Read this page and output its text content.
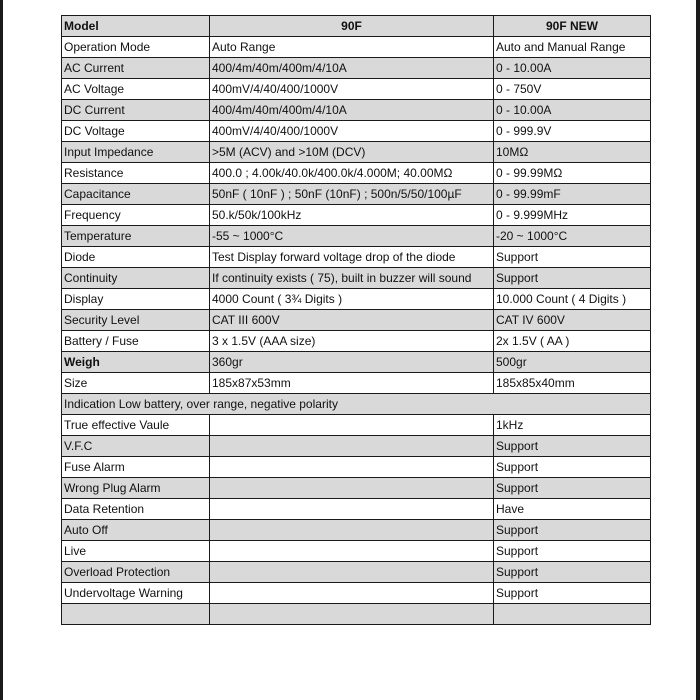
Model	90F	90F NEW
Operation Mode	Auto Range	Auto and Manual Range
AC Current	400/4m/40m/400m/4/10A	0 - 10.00A
AC Voltage	400mV/4/40/400/1000V	0 - 750V
DC Current	400/4m/40m/400m/4/10A	0 - 10.00A
DC Voltage	400mV/4/40/400/1000V	0 - 999.9V
Input Impedance	>5M (ACV) and >10M (DCV)	10MΩ
Resistance	400.0 ; 4.00k/40.0k/400.0k/4.000M; 40.00MΩ	0 - 99.99MΩ
Capacitance	50nF ( 10nF ) ; 50nF (10nF) ; 500n/5/50/100µF	0 - 99.99mF
Frequency	50.k/50k/100kHz	0 - 9.999MHz
Temperature	-55 ~ 1000°C	-20 ~ 1000°C
Diode	Test Display forward voltage drop of the diode	Support
Continuity	If continuity exists ( 75), built in buzzer will sound	Support
Display	4000 Count ( 3¾ Digits )	10.000 Count ( 4 Digits )
Security Level	CAT III 600V	CAT IV 600V
Battery / Fuse	3 x 1.5V (AAA size)	2x 1.5V ( AA )
Weigh	360gr	500gr
Size	185x87x53mm	185x85x40mm
Indication Low battery, over range, negative polarity		
True effective Vaule		1kHz
V.F.C		Support
Fuse Alarm		Support
Wrong Plug Alarm		Support
Data Retention		Have
Auto Off		Support
Live		Support
Overload Protection		Support
Undervoltage Warning		Support
